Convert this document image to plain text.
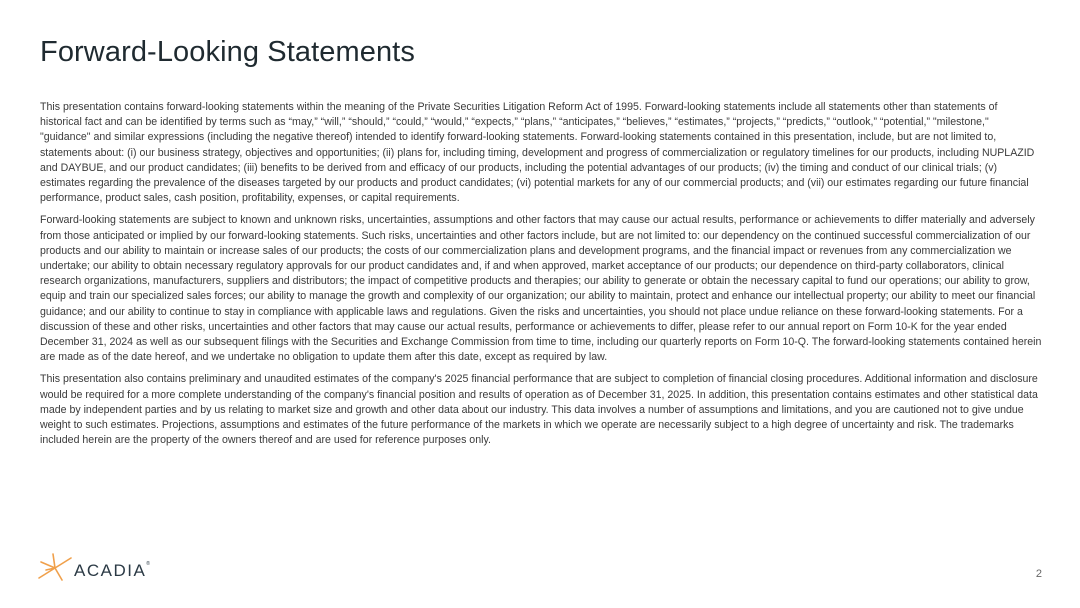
Forward-Looking Statements

This presentation contains forward-looking statements within the meaning of the Private Securities Litigation Reform Act of 1995. Forward-looking statements include all statements other than statements of historical fact and can be identified by terms such as “may,” “will,” “should,” “could,” “would,” “expects,” “plans,” “anticipates,” “believes,” “estimates,” “projects,” “predicts,” “outlook,” “potential,” "milestone," "guidance" and similar expressions (including the negative thereof) intended to identify forward-looking statements. Forward-looking statements contained in this presentation, include, but are not limited to, statements about: (i) our business strategy, objectives and opportunities; (ii) plans for, including timing, development and progress of commercialization or regulatory timelines for our products, including NUPLAZID and DAYBUE, and our product candidates; (iii) benefits to be derived from and efficacy of our products, including the potential advantages of our products; (iv) the timing and conduct of our clinical trials; (v) estimates regarding the prevalence of the diseases targeted by our products and product candidates; (vi) potential markets for any of our commercial products; and (vii) our estimates regarding our future financial performance, product sales, cash position, profitability, expenses, or capital requirements.

Forward-looking statements are subject to known and unknown risks, uncertainties, assumptions and other factors that may cause our actual results, performance or achievements to differ materially and adversely from those anticipated or implied by our forward-looking statements. Such risks, uncertainties and other factors include, but are not limited to: our dependency on the continued successful commercialization of our products and our ability to maintain or increase sales of our products; the costs of our commercialization plans and development programs, and the financial impact or revenues from any commercialization we undertake; our ability to obtain necessary regulatory approvals for our product candidates and, if and when approved, market acceptance of our products; our dependence on third-party collaborators, clinical research organizations, manufacturers, suppliers and distributors; the impact of competitive products and therapies; our ability to generate or obtain the necessary capital to fund our operations; our ability to grow, equip and train our specialized sales forces; our ability to manage the growth and complexity of our organization; our ability to maintain, protect and enhance our intellectual property; our ability to meet our financial guidance; and our ability to continue to stay in compliance with applicable laws and regulations. Given the risks and uncertainties, you should not place undue reliance on these forward-looking statements. For a discussion of these and other risks, uncertainties and other factors that may cause our actual results, performance or achievements to differ, please refer to our annual report on Form 10-K for the year ended December 31, 2024 as well as our subsequent filings with the Securities and Exchange Commission from time to time, including our quarterly reports on Form 10-Q. The forward-looking statements contained herein are made as of the date hereof, and we undertake no obligation to update them after this date, except as required by law.

This presentation also contains preliminary and unaudited estimates of the company's 2025 financial performance that are subject to completion of financial closing procedures. Additional information and disclosure would be required for a more complete understanding of the company's financial position and results of operation as of December 31, 2025. In addition, this presentation contains estimates and other statistical data made by independent parties and by us relating to market size and growth and other data about our industry. This data involves a number of assumptions and limitations, and you are cautioned not to give undue weight to such estimates. Projections, assumptions and estimates of the future performance of the markets in which we operate are necessarily subject to a high degree of uncertainty and risk. The trademarks included herein are the property of the owners thereof and are used for reference purposes only.

ACADIA®
2
